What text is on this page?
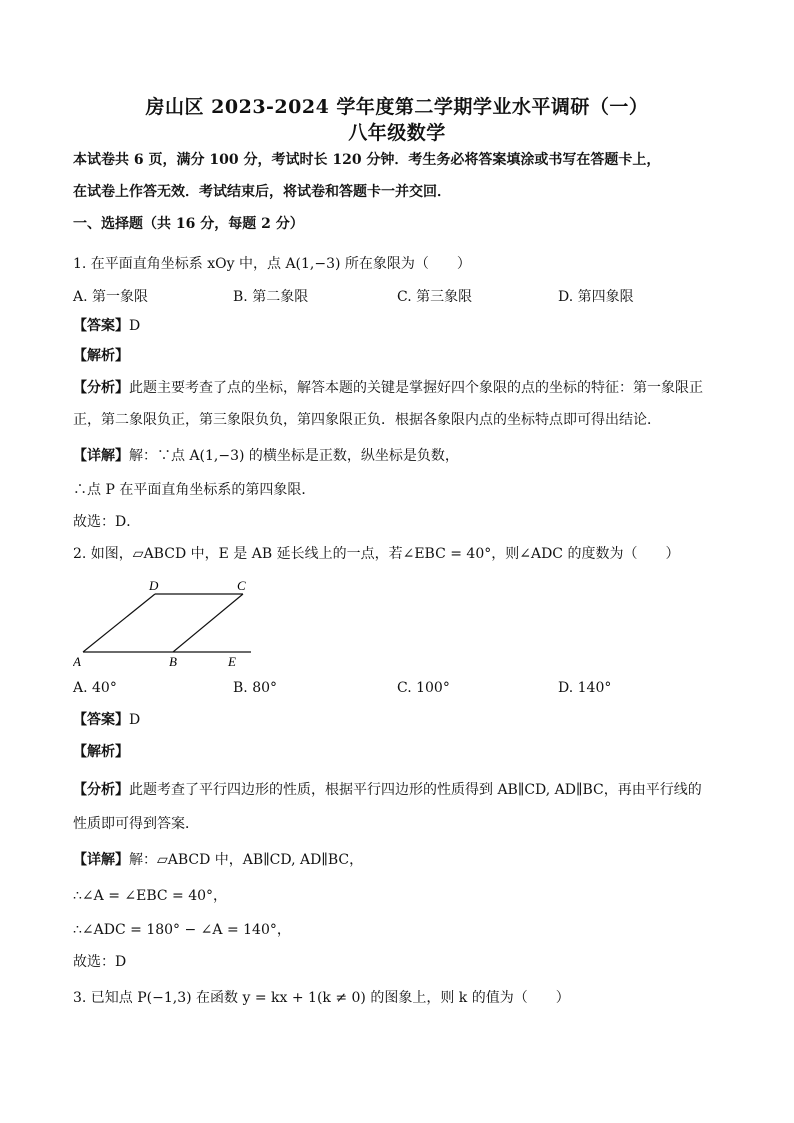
房山区 2023-2024 学年度第二学期学业水平调研（一）
八年级数学
本试卷共 6 页，满分 100 分，考试时长 120 分钟．考生务必将答案填涂或书写在答题卡上，
在试卷上作答无效．考试结束后，将试卷和答题卡一并交回．
一、选择题（共 16 分，每题 2 分）
1. 在平面直角坐标系 xOy 中，点 A(1,−3) 所在象限为（　　）
A. 第一象限	B. 第二象限	C. 第三象限	D. 第四象限
【答案】D
【解析】
【分析】此题主要考查了点的坐标，解答本题的关键是掌握好四个象限的点的坐标的特征：第一象限正
正，第二象限负正，第三象限负负，第四象限正负．根据各象限内点的坐标特点即可得出结论．
【详解】解：∵点 A(1,−3) 的横坐标是正数，纵坐标是负数，
∴点 P 在平面直角坐标系的第四象限．
故选：D．
2. 如图，▱ABCD 中，E 是 AB 延长线上的一点，若∠EBC = 40°，则∠ADC 的度数为（　　）
A	B	E
D	C
A. 40°	B. 80°	C. 100°	D. 140°
【答案】D
【解析】
【分析】此题考查了平行四边形的性质，根据平行四边形的性质得到 AB∥CD, AD∥BC，再由平行线的
性质即可得到答案．
【详解】解：▱ABCD 中，AB∥CD, AD∥BC，
∴∠A = ∠EBC = 40°，
∴∠ADC = 180° − ∠A = 140°，
故选：D
3. 已知点 P(−1,3) 在函数 y = kx + 1(k ≠ 0) 的图象上，则 k 的值为（　　）
